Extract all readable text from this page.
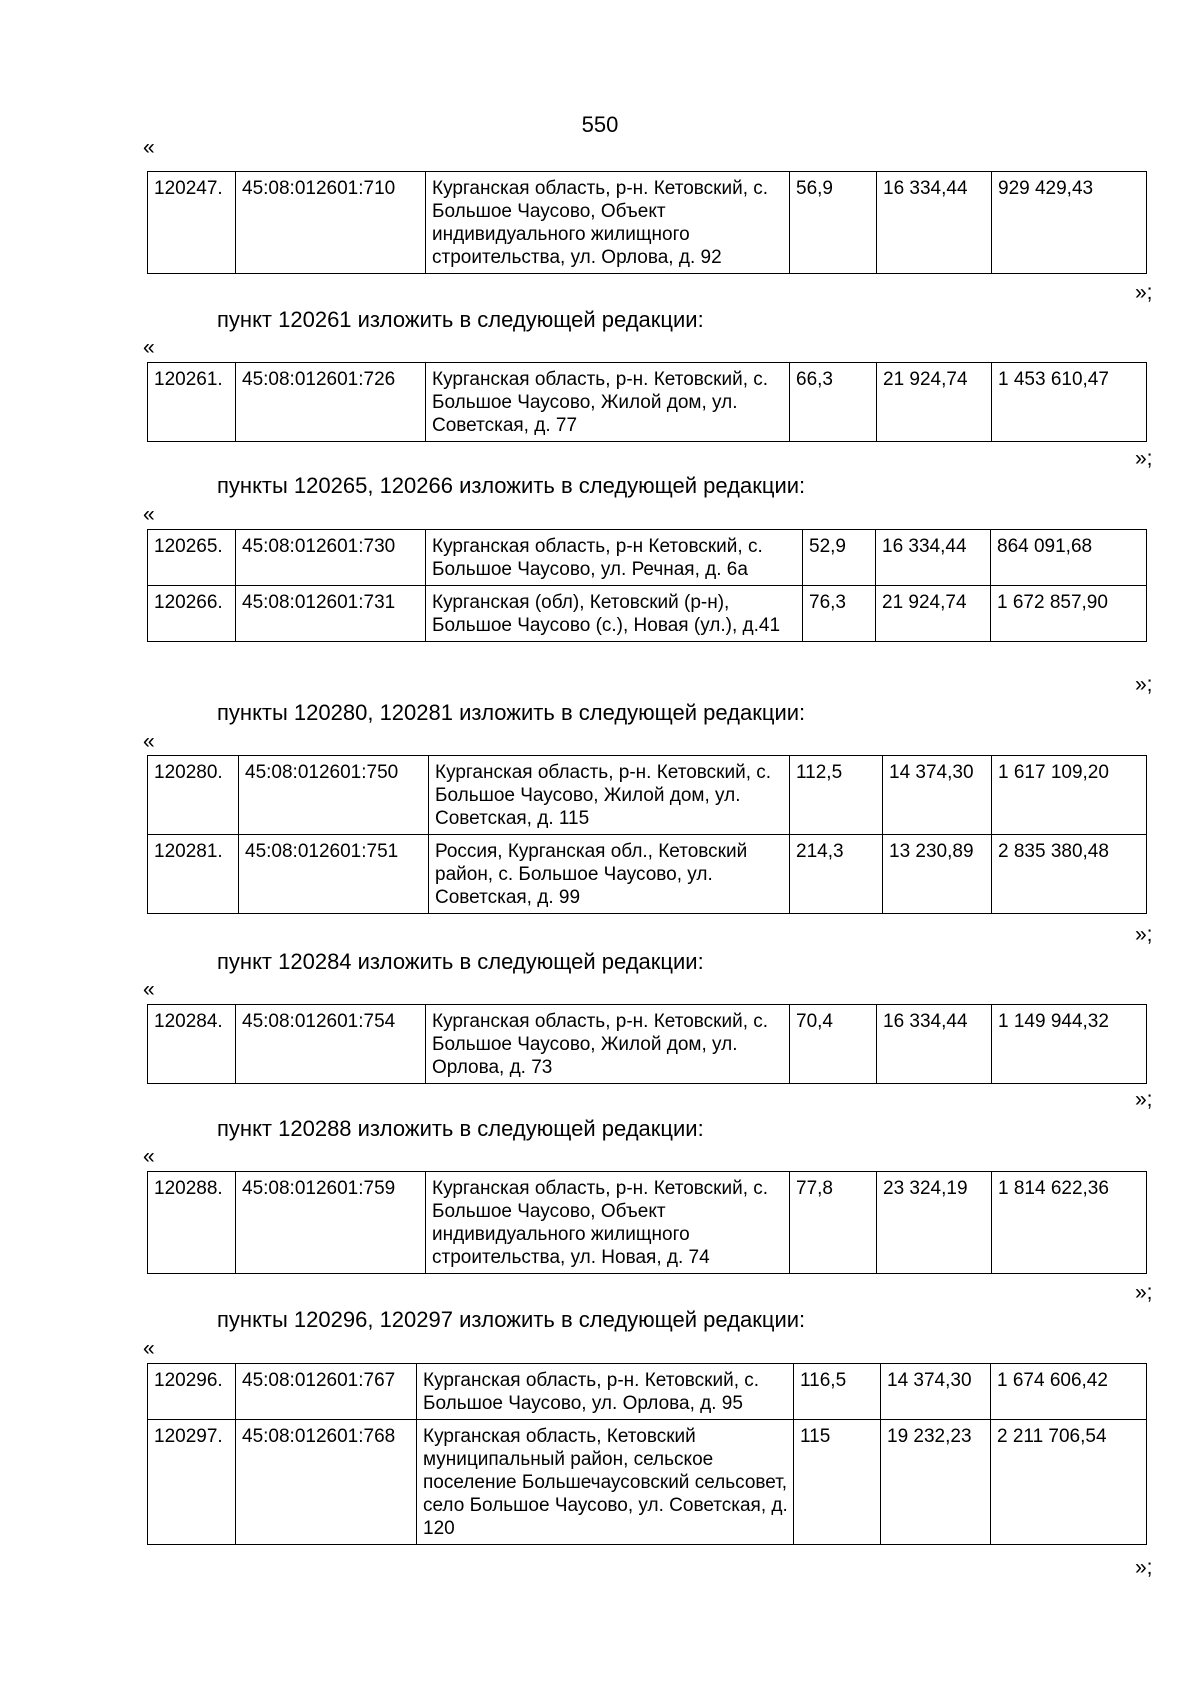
550
«
120247.	45:08:012601:710	Курганская область, р-н. Кетовский, с. Большое Чаусово, Объект индивидуального жилищного строительства, ул. Орлова, д. 92	56,9	16 334,44	929 429,43
»;
пункт 120261 изложить в следующей редакции:
«
120261.	45:08:012601:726	Курганская область, р-н. Кетовский, с. Большое Чаусово, Жилой дом, ул. Советская, д. 77	66,3	21 924,74	1 453 610,47
»;
пункты 120265, 120266 изложить в следующей редакции:
«
120265.	45:08:012601:730	Курганская область, р-н Кетовский, с. Большое Чаусово, ул. Речная, д. 6а	52,9	16 334,44	864 091,68
120266.	45:08:012601:731	Курганская (обл), Кетовский (р-н), Большое Чаусово (с.), Новая (ул.), д.41	76,3	21 924,74	1 672 857,90
»;
пункты 120280, 120281 изложить в следующей редакции:
«
120280.	45:08:012601:750	Курганская область, р-н. Кетовский, с. Большое Чаусово, Жилой дом, ул. Советская, д. 115	112,5	14 374,30	1 617 109,20
120281.	45:08:012601:751	Россия, Курганская обл., Кетовский район, с. Большое Чаусово, ул. Советская, д. 99	214,3	13 230,89	2 835 380,48
»;
пункт 120284 изложить в следующей редакции:
«
120284.	45:08:012601:754	Курганская область, р-н. Кетовский, с. Большое Чаусово, Жилой дом, ул. Орлова, д. 73	70,4	16 334,44	1 149 944,32
»;
пункт 120288 изложить в следующей редакции:
«
120288.	45:08:012601:759	Курганская область, р-н. Кетовский, с. Большое Чаусово, Объект индивидуального жилищного строительства, ул. Новая, д. 74	77,8	23 324,19	1 814 622,36
»;
пункты 120296, 120297 изложить в следующей редакции:
«
120296.	45:08:012601:767	Курганская область, р-н. Кетовский, с. Большое Чаусово, ул. Орлова, д. 95	116,5	14 374,30	1 674 606,42
120297.	45:08:012601:768	Курганская область, Кетовский муниципальный район, сельское поселение Большечаусовский сельсовет, село Большое Чаусово, ул. Советская, д. 120	115	19 232,23	2 211 706,54
»;
